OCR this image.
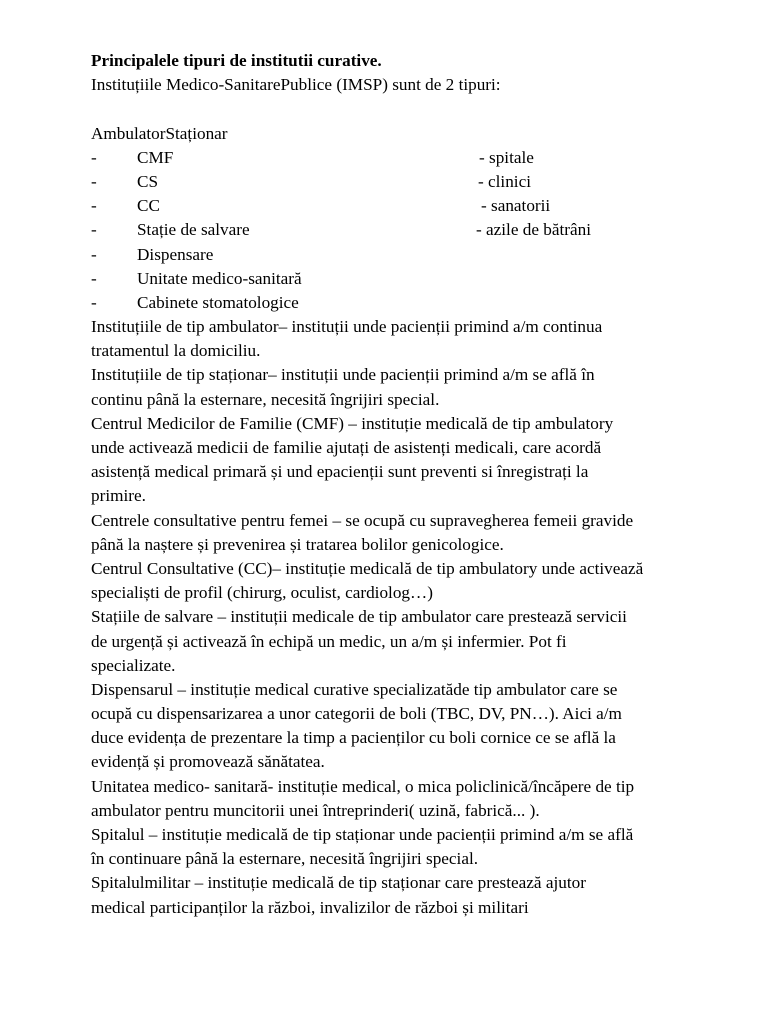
Principalele tipuri de institutii curative.
Instituțiile Medico-SanitarePublice (IMSP) sunt de 2 tipuri:
AmbulatorStaționar
- CMF	- spitale
- CS	- clinici
- CC	- sanatorii
- Stație de salvare	- azile de bătrâni
- Dispensare
- Unitate medico-sanitară
- Cabinete stomatologice
Instituțiile de tip ambulator– instituții unde pacienții primind a/m continua
tratamentul la domiciliu.
Instituțiile de tip staționar– instituții unde pacienții primind a/m se află în
continu până la esternare, necesită îngrijiri special.
Centrul Medicilor de Familie (CMF) – instituție medicală de tip ambulatory
unde activează medicii de familie ajutați de asistenți medicali, care acordă
asistență medical primară și und epacienții sunt preventi si înregistrați la
primire.
Centrele consultative pentru femei – se ocupă cu supravegherea femeii gravide
până la naștere și prevenirea și tratarea bolilor genicologice.
Centrul Consultative (CC)– instituție medicală de tip ambulatory unde activează
specialiști de profil (chirurg, oculist, cardiolog…)
Stațiile de salvare – instituții medicale de tip ambulator care prestează servicii
de urgență și activează în echipă un medic, un a/m și infermier. Pot fi
specializate.
Dispensarul – instituție medical curative specializatăde tip ambulator care se
ocupă cu dispensarizarea a unor categorii de boli (TBC, DV, PN…). Aici a/m
duce evidența de prezentare la timp a pacienților cu boli cornice ce se află la
evidență și promovează sănătatea.
Unitatea medico- sanitară- instituție medical, o mica policlinică/încăpere de tip
ambulator pentru muncitorii unei întreprinderi( uzină, fabrică... ).
Spitalul – instituție medicală de tip staționar unde pacienții primind a/m se află
în continuare până la esternare, necesită îngrijiri special.
Spitalulmilitar – instituție medicală de tip staționar care prestează ajutor
medical participanților la război, invalizilor de război și militari
